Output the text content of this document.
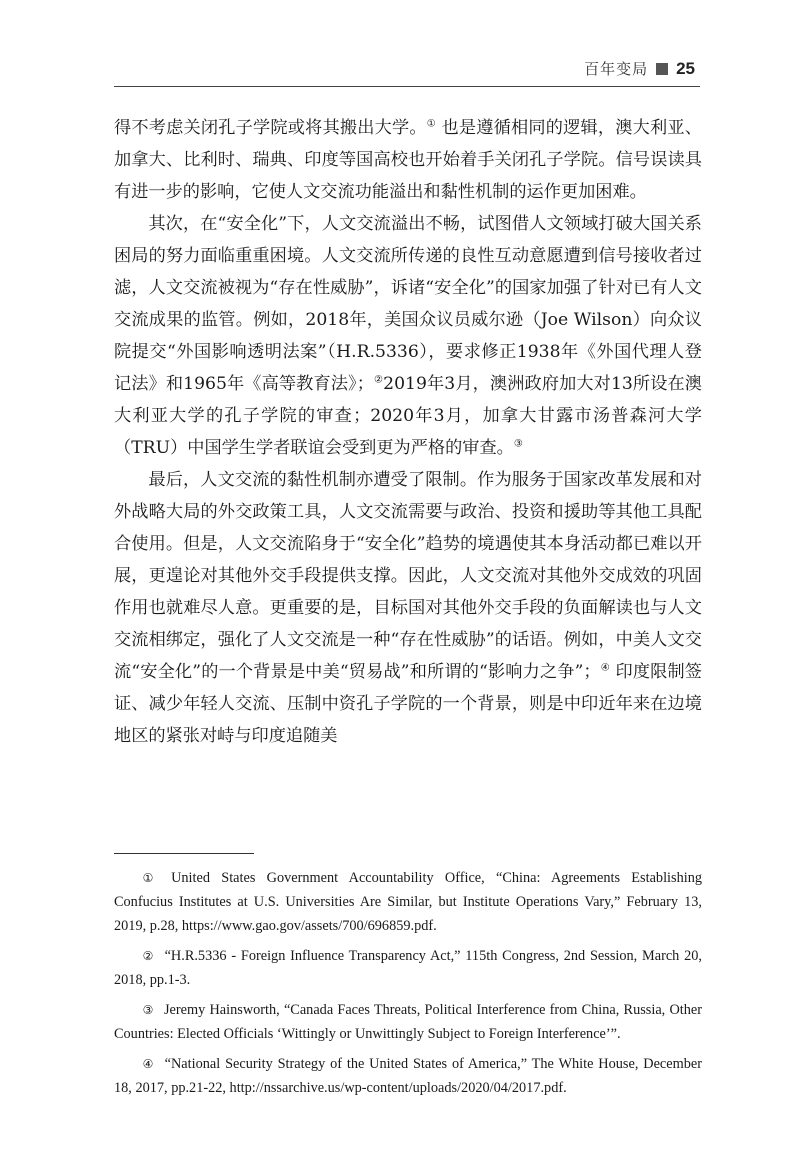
百年变局 25

得不考虑关闭孔子学院或将其搬出大学。① 也是遵循相同的逻辑，澳大利亚、加拿大、比利时、瑞典、印度等国高校也开始着手关闭孔子学院。信号误读具有进一步的影响，它使人文交流功能溢出和黏性机制的运作更加困难。

其次，在“安全化”下，人文交流溢出不畅，试图借人文领域打破大国关系困局的努力面临重重困境。人文交流所传递的良性互动意愿遭到信号接收者过滤，人文交流被视为“存在性威胁”，诉诸“安全化”的国家加强了针对已有人文交流成果的监管。例如，2018年，美国众议员威尔逊（Joe Wilson）向众议院提交“外国影响透明法案”（H.R.5336），要求修正1938年《外国代理人登记法》和1965年《高等教育法》；②2019年3月，澳洲政府加大对13所设在澳大利亚大学的孔子学院的审查；2020年3月，加拿大甘露市汤普森河大学（TRU）中国学生学者联谊会受到更为严格的审查。③

最后，人文交流的黏性机制亦遭受了限制。作为服务于国家改革发展和对外战略大局的外交政策工具，人文交流需要与政治、投资和援助等其他工具配合使用。但是，人文交流陷身于“安全化”趋势的境遇使其本身活动都已难以开展，更遑论对其他外交手段提供支撑。因此，人文交流对其他外交成效的巩固作用也就难尽人意。更重要的是，目标国对其他外交手段的负面解读也与人文交流相绑定，强化了人文交流是一种“存在性威胁”的话语。例如，中美人文交流“安全化”的一个背景是中美“贸易战”和所谓的“影响力之争”；④ 印度限制签证、减少年轻人交流、压制中资孔子学院的一个背景，则是中印近年来在边境地区的紧张对峙与印度追随美

① United States Government Accountability Office, “China: Agreements Establishing Confucius Institutes at U.S. Universities Are Similar, but Institute Operations Vary,” February 13, 2019, p.28, https://www.gao.gov/assets/700/696859.pdf.

② “H.R.5336 - Foreign Influence Transparency Act,” 115th Congress, 2nd Session, March 20, 2018, pp.1-3.

③ Jeremy Hainsworth, “Canada Faces Threats, Political Interference from China, Russia, Other Countries: Elected Officials ‘Wittingly or Unwittingly Subject to Foreign Interference’”.

④ “National Security Strategy of the United States of America,” The White House, December 18, 2017, pp.21-22, http://nssarchive.us/wp-content/uploads/2020/04/2017.pdf.
